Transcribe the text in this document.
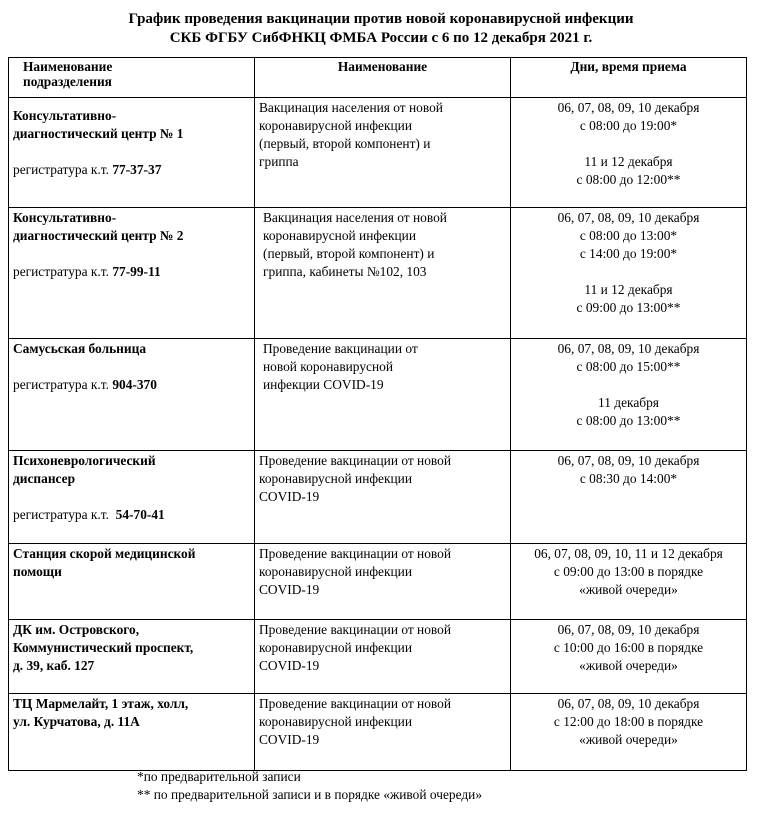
График проведения вакцинации против новой коронавирусной инфекции
СКБ ФГБУ СибФНКЦ ФМБА России с 6 по 12 декабря 2021 г.
Наименование
подразделения	Наименование	Дни, время приема

Консультативно-
диагностический центр № 1
регистратура к.т. 77-37-37	Вакцинация населения от новой
коронавирусной инфекции
(первый, второй компонент) и
гриппа	06, 07, 08, 09, 10 декабря
с 08:00 до 19:00*
11 и 12 декабря
с 08:00 до 12:00**

Консультативно-
диагностический центр № 2
регистратура к.т. 77-99-11	Вакцинация населения от новой
коронавирусной инфекции
(первый, второй компонент) и
гриппа, кабинеты №102, 103	06, 07, 08, 09, 10 декабря
с 08:00 до 13:00*
с 14:00 до 19:00*
11 и 12 декабря
с 09:00 до 13:00**

Самусьская больница
регистратура к.т. 904-370	Проведение вакцинации от
новой коронавирусной
инфекции COVID-19	06, 07, 08, 09, 10 декабря
с 08:00 до 15:00**
11 декабря
с 08:00 до 13:00**

Психоневрологический
диспансер
регистратура к.т.  54-70-41	Проведение вакцинации от новой
коронавирусной инфекции
COVID-19	06, 07, 08, 09, 10 декабря
с 08:30 до 14:00*

Станция скорой медицинской
помощи	Проведение вакцинации от новой
коронавирусной инфекции
COVID-19	06, 07, 08, 09, 10, 11 и 12 декабря
с 09:00 до 13:00 в порядке
«живой очереди»

ДК им. Островского,
Коммунистический проспект,
д. 39, каб. 127	Проведение вакцинации от новой
коронавирусной инфекции
COVID-19	06, 07, 08, 09, 10 декабря
с 10:00 до 16:00 в порядке
«живой очереди»

ТЦ Мармелайт, 1 этаж, холл,
ул. Курчатова, д. 11А	Проведение вакцинации от новой
коронавирусной инфекции
COVID-19	06, 07, 08, 09, 10 декабря
с 12:00 до 18:00 в порядке
«живой очереди»
*по предварительной записи
** по предварительной записи и в порядке «живой очереди»
